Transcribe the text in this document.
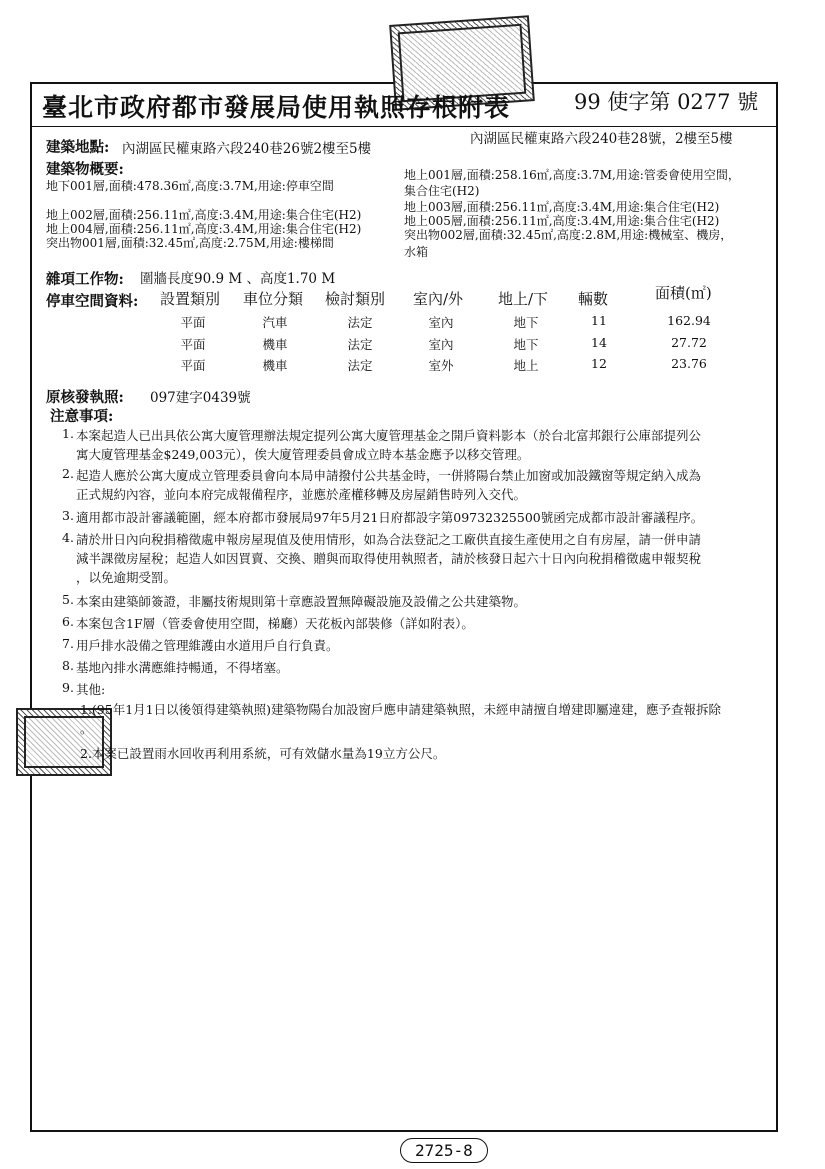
臺北市政府都市發展局使用執照存根附表	99 使字第 0277 號
建築地點: 內湖區民權東路六段240巷26號2樓至5樓
內湖區民權東路六段240巷28號，2樓至5樓
建築物概要:
地下001層,面積:478.36㎡,高度:3.7M,用途:停車空間
地上002層,面積:256.11㎡,高度:3.4M,用途:集合住宅(H2)
地上004層,面積:256.11㎡,高度:3.4M,用途:集合住宅(H2)
突出物001層,面積:32.45㎡,高度:2.75M,用途:樓梯間
地上001層,面積:258.16㎡,高度:3.7M,用途:管委會使用空間，
集合住宅(H2)
地上003層,面積:256.11㎡,高度:3.4M,用途:集合住宅(H2)
地上005層,面積:256.11㎡,高度:3.4M,用途:集合住宅(H2)
突出物002層,面積:32.45㎡,高度:2.8M,用途:機械室、機房，
水箱
雜項工作物: 圍牆長度90.9 M 、高度1.70 M
停車空間資料: 設置類別 車位分類 檢討類別 室內/外 地上/下 輛數	面積(㎡)
平面	汽車	法定	室內	地下	11	162.94
平面	機車	法定	室內	地下	14	27.72
平面	機車	法定	室外	地上	12	23.76
原核發執照: 097建字0439號
注意事項:
1. 本案起造人已出具依公寓大廈管理辦法規定提列公寓大廈管理基金之開戶資料影本（於台北富邦銀行公庫部提列公
寓大廈管理基金$249,003元），俟大廈管理委員會成立時本基金應予以移交管理。
2. 起造人應於公寓大廈成立管理委員會向本局申請撥付公共基金時，一併將陽台禁止加窗或加設鐵窗等規定納入成為
正式規約內容，並向本府完成報備程序，並應於產權移轉及房屋銷售時列入交代。
3. 適用都市設計審議範圍，經本府都市發展局97年5月21日府都設字第09732325500號函完成都市設計審議程序。
4. 請於卅日內向稅捐稽徵處申報房屋現值及使用情形，如為合法登記之工廠供直接生產使用之自有房屋，請一併申請
減半課徵房屋稅；起造人如因買賣、交換、贈與而取得使用執照者，請於核發日起六十日內向稅捐稽徵處申報契稅
，以免逾期受罰。
5. 本案由建築師簽證，非屬技術規則第十章應設置無障礙設施及設備之公共建築物。
6. 本案包含1F層（管委會使用空間，梯廳）天花板內部裝修（詳如附表）。
7. 用戶排水設備之管理維護由水道用戶自行負責。
8. 基地內排水溝應維持暢通，不得堵塞。
9. 其他:
1.(95年1月1日以後領得建築執照)建築物陽台加設窗戶應申請建築執照，未經申請擅自增建即屬違建，應予查報拆除
。
2.本案已設置雨水回收再利用系統，可有效儲水量為19立方公尺。
2725-8
